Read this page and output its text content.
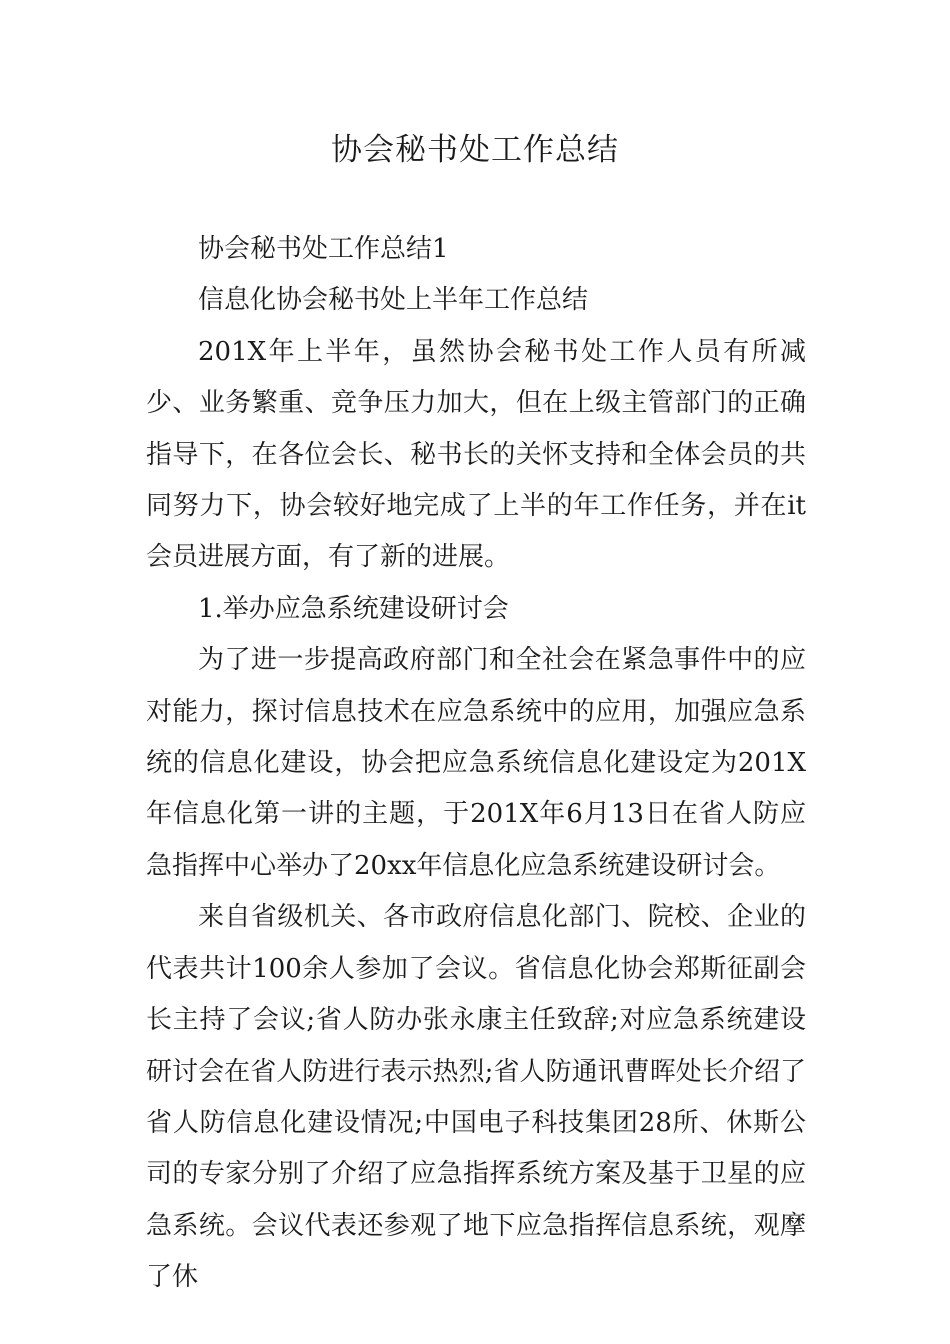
协会秘书处工作总结

协会秘书处工作总结1

信息化协会秘书处上半年工作总结

201X年上半年，虽然协会秘书处工作人员有所减少、业务繁重、竞争压力加大，但在上级主管部门的正确指导下，在各位会长、秘书长的关怀支持和全体会员的共同努力下，协会较好地完成了上半的年工作任务，并在it会员进展方面，有了新的进展。

1.举办应急系统建设研讨会

为了进一步提高政府部门和全社会在紧急事件中的应对能力，探讨信息技术在应急系统中的应用，加强应急系统的信息化建设，协会把应急系统信息化建设定为201X年信息化第一讲的主题，于201X年6月13日在省人防应急指挥中心举办了20xx年信息化应急系统建设研讨会。

来自省级机关、各市政府信息化部门、院校、企业的代表共计100余人参加了会议。省信息化协会郑斯征副会长主持了会议;省人防办张永康主任致辞;对应急系统建设研讨会在省人防进行表示热烈;省人防通讯曹晖处长介绍了省人防信息化建设情况;中国电子科技集团28所、休斯公司的专家分别了介绍了应急指挥系统方案及基于卫星的应急系统。会议代表还参观了地下应急指挥信息系统，观摩了休
